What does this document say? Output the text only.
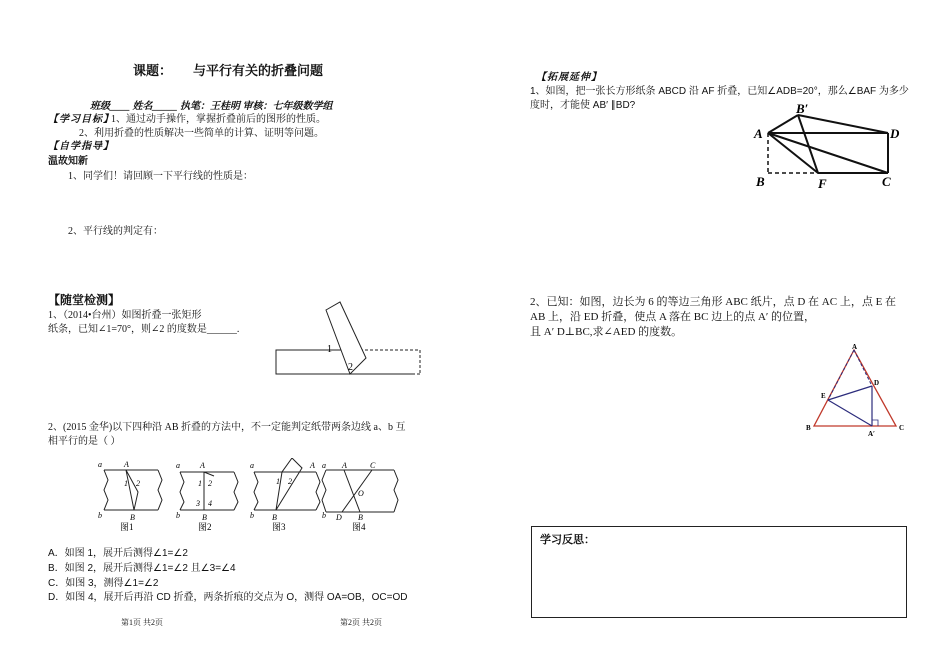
课题： 与平行有关的折叠问题
班级____ 姓名_____ 执笔：王桂明 审核：七年级数学组
【学习目标】
1、通过动手操作，掌握折叠前后的图形的性质。
2、利用折叠的性质解决一些简单的计算、证明等问题。
【自学指导】
温故知新
1、同学们！请回顾一下平行线的性质是：
2、平行线的判定有：
【随堂检测】
1、（2014•台州）如图折叠一张矩形
纸条，已知∠1=70°，则∠2 的度数是______.
1
2
2、(2015 金华)以下四种沿 AB 折叠的方法中，不一定能判定纸带两条边线 a、b 互
相平行的是（ ）
a	A
b	B
1 2
a	A
b	B
1 2
3 4
a	A
b B
1 2
a A	C
b D B
O
图1	图2	图3	图4
A．如图 1，展开后测得∠1=∠2
B．如图 2，展开后测得∠1=∠2 且∠3=∠4
C．如图 3，测得∠1=∠2
D．如图 4，展开后再沿 CD 折叠，两条折痕的交点为 O，测得 OA=OB，OC=OD
第1页 共2页	第2页 共2页
【拓展延伸】
1、如图，把一张长方形纸条 ABCD 沿 AF 折叠，已知∠ADB=20°，那么∠BAF 为多少
度时，才能使 AB′ ∥BD?
A
B′
D
B	F	C
2、已知：如图，边长为 6 的等边三角形 ABC 纸片，点 D 在 AC 上，点 E 在
AB 上，沿 ED 折叠，使点 A 落在 BC 边上的点 A′ 的位置，
且 A′ D⊥BC,求∠AED 的度数。
A
B	C
D
E
A′
学习反思：
